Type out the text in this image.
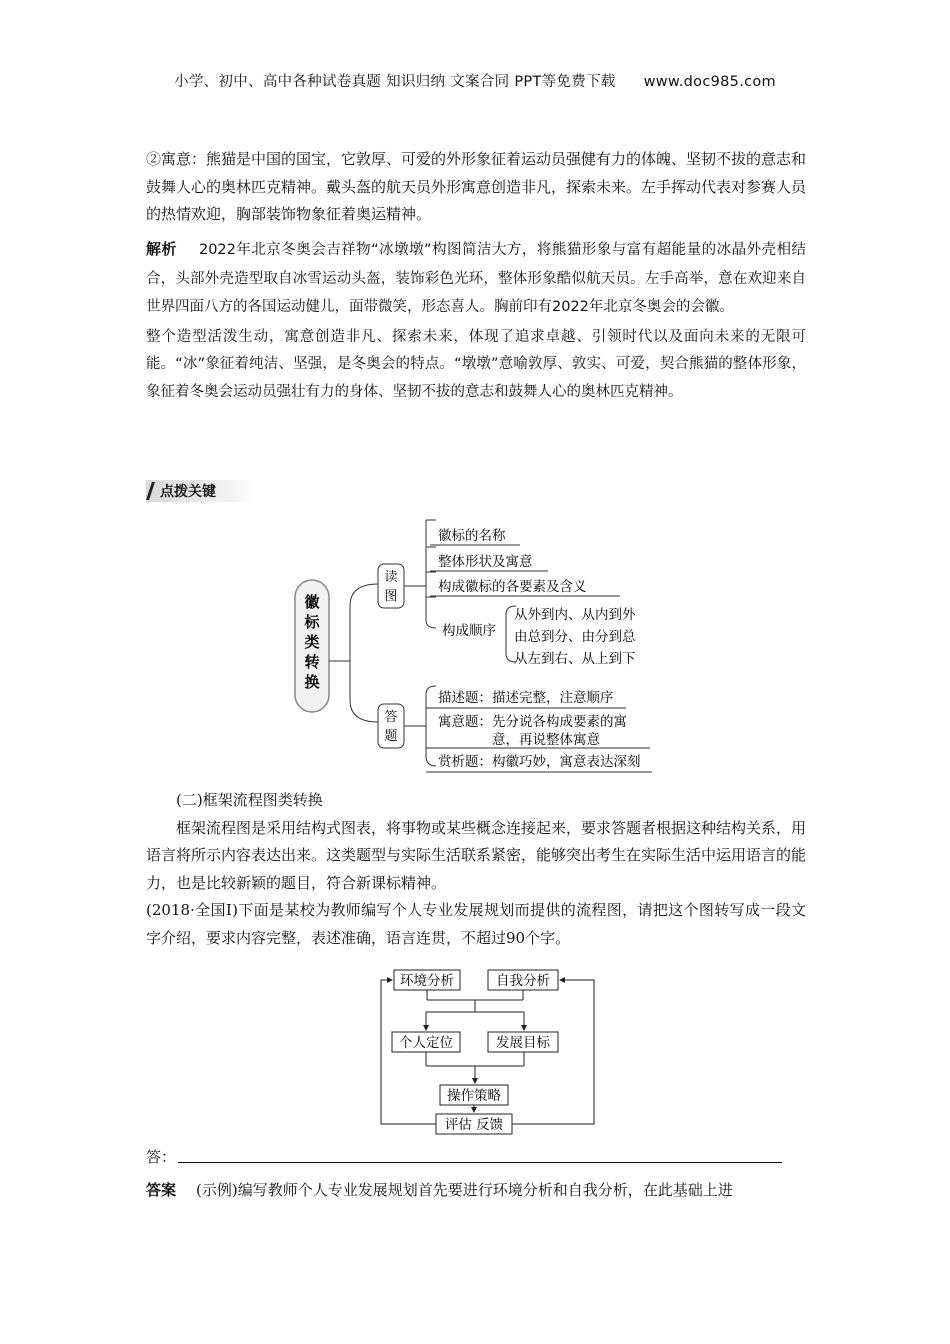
小学、初中、高中各种试卷真题 知识归纳 文案合同 PPT等免费下载 www.doc985.com

②寓意：熊猫是中国的国宝，它敦厚、可爱的外形象征着运动员强健有力的体魄、坚韧不拔的意志和鼓舞人心的奥林匹克精神。戴头盔的航天员外形寓意创造非凡，探索未来。左手挥动代表对参赛人员的热情欢迎，胸部装饰物象征着奥运精神。

解析 2022年北京冬奥会吉祥物“冰墩墩”构图简洁大方，将熊猫形象与富有超能量的冰晶外壳相结合，头部外壳造型取自冰雪运动头盔，装饰彩色光环，整体形象酷似航天员。左手高举，意在欢迎来自世界四面八方的各国运动健儿，面带微笑，形态喜人。胸前印有2022年北京冬奥会的会徽。

整个造型活泼生动，寓意创造非凡、探索未来，体现了追求卓越、引领时代以及面向未来的无限可能。“冰”象征着纯洁、坚强，是冬奥会的特点。“墩墩”意喻敦厚、敦实、可爱，契合熊猫的整体形象，象征着冬奥会运动员强壮有力的身体、坚韧不拔的意志和鼓舞人心的奥林匹克精神。

点拨关键
徽
标
类
转
换
读
图
徽标的名称
整体形状及寓意
构成徽标的各要素及含义
构成顺序
从外到内、从内到外
由总到分、由分到总
从左到右、从上到下
答
题
描述题：描述完整，注意顺序
寓意题：先分说各构成要素的寓
意，再说整体寓意
赏析题：构徽巧妙，寓意表达深刻

(二)框架流程图类转换

框架流程图是采用结构式图表，将事物或某些概念连接起来，要求答题者根据这种结构关系，用语言将所示内容表达出来。这类题型与实际生活联系紧密，能够突出考生在实际生活中运用语言的能力，也是比较新颖的题目，符合新课标精神。

(2018·全国Ⅰ)下面是某校为教师编写个人专业发展规划而提供的流程图，请把这个图转写成一段文字介绍，要求内容完整，表述准确，语言连贯，不超过90个字。

环境分析	自我分析
个人定位	发展目标
操作策略
评估 反馈

答：

答案 (示例)编写教师个人专业发展规划首先要进行环境分析和自我分析，在此基础上进
